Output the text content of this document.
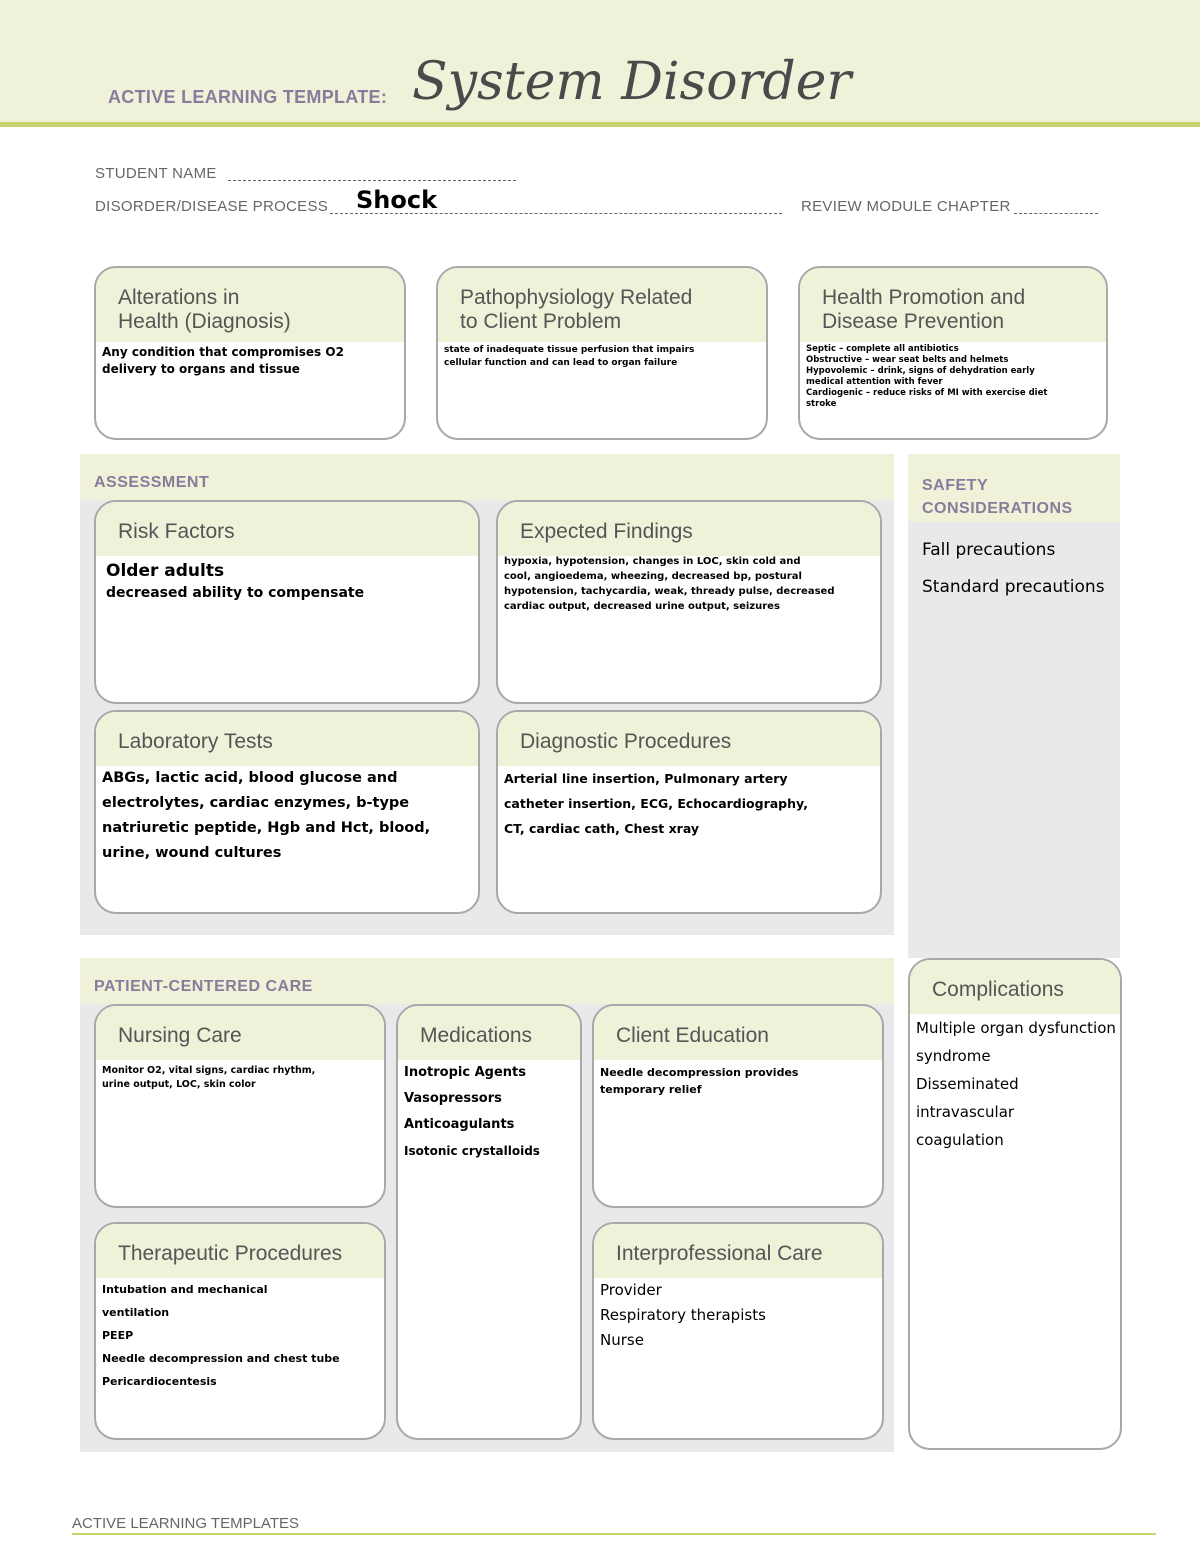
ACTIVE LEARNING TEMPLATE: System Disorder
STUDENT NAME
DISORDER/DISEASE PROCESS Shock	REVIEW MODULE CHAPTER
Alterations in
Health (Diagnosis)
Any condition that compromises O2
delivery to organs and tissue
Pathophysiology Related
to Client Problem
state of inadequate tissue perfusion that impairs
cellular function and can lead to organ failure
Health Promotion and
Disease Prevention
Septic – complete all antibiotics
Obstructive – wear seat belts and helmets
Hypovolemic – drink, signs of dehydration early
medical attention with fever
Cardiogenic – reduce risks of MI with exercise diet
stroke
ASSESSMENT
Risk Factors
Older adults
decreased ability to compensate
Expected Findings
hypoxia, hypotension, changes in LOC, skin cold and
cool, angioedema, wheezing, decreased bp, postural
hypotension, tachycardia, weak, thready pulse, decreased
cardiac output, decreased urine output, seizures
Laboratory Tests
ABGs, lactic acid, blood glucose and
electrolytes, cardiac enzymes, b-type
natriuretic peptide, Hgb and Hct, blood,
urine, wound cultures
Diagnostic Procedures
Arterial line insertion, Pulmonary artery
catheter insertion, ECG, Echocardiography,
CT, cardiac cath, Chest xray
SAFETY
CONSIDERATIONS
Fall precautions
Standard precautions
Complications
Multiple organ dysfunction
syndrome
Disseminated
intravascular
coagulation
PATIENT-CENTERED CARE
Nursing Care
Monitor O2, vital signs, cardiac rhythm,
urine output, LOC, skin color
Medications
Inotropic Agents
Vasopressors
Anticoagulants
Isotonic crystalloids
Client Education
Needle decompression provides
temporary relief
Therapeutic Procedures
Intubation and mechanical
ventilation
PEEP
Needle decompression and chest tube
Pericardiocentesis
Interprofessional Care
Provider
Respiratory therapists
Nurse
ACTIVE LEARNING TEMPLATES
